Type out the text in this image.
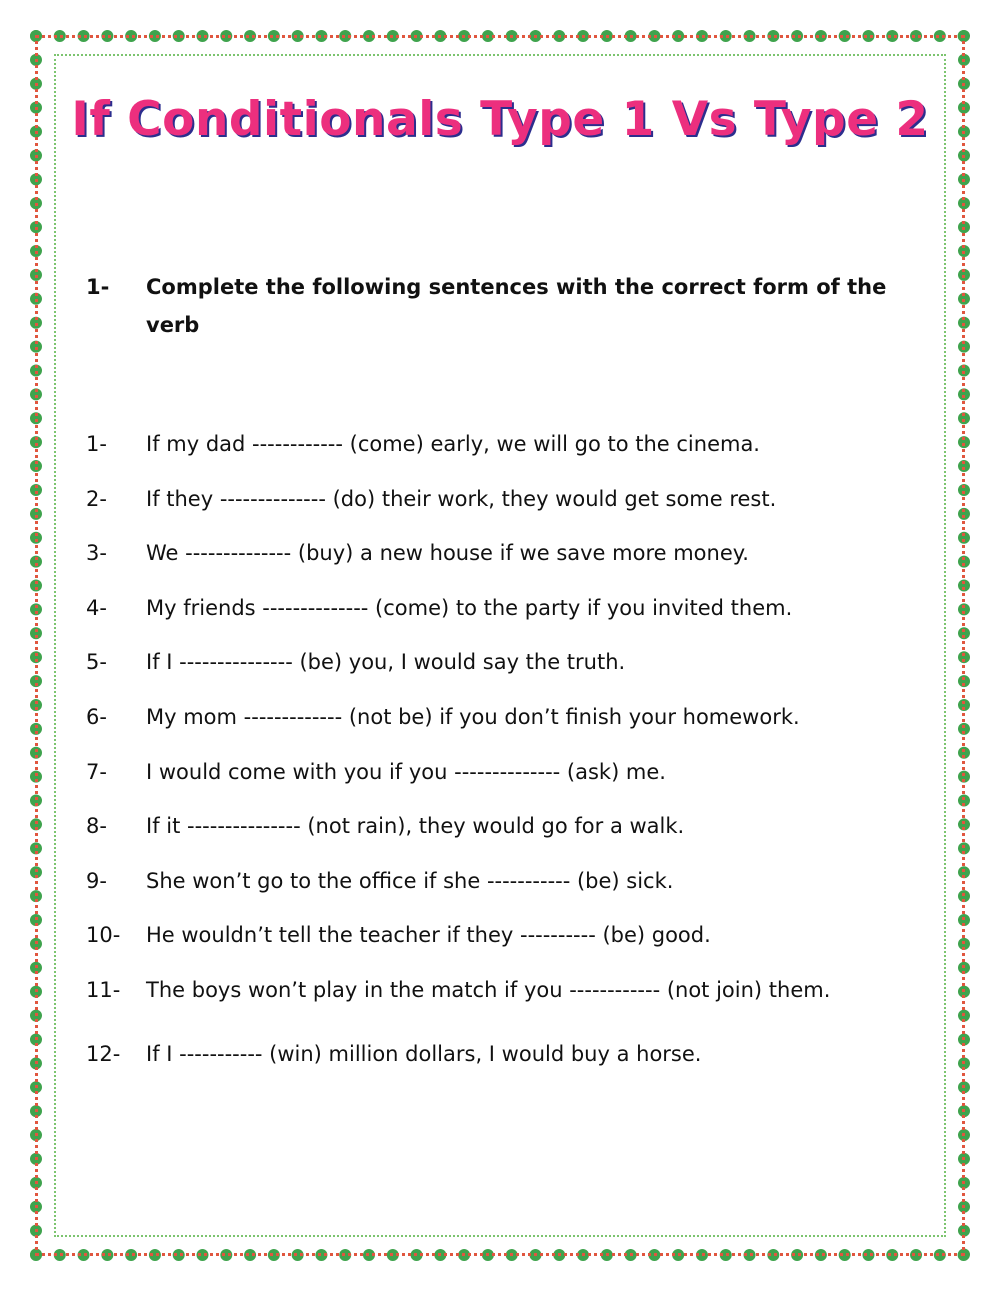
If Conditionals Type 1 Vs Type 2
1-	Complete the following sentences with the correct form of the verb
1-	If my dad ------------ (come) early, we will go to the cinema.
2-	If they -------------- (do) their work, they would get some rest.
3-	We -------------- (buy) a new house if we save more money.
4-	My friends -------------- (come) to the party if you invited them.
5-	If I --------------- (be) you, I would say the truth.
6-	My mom ------------- (not be) if you don’t finish your homework.
7-	I would come with you if you -------------- (ask) me.
8-	If it --------------- (not rain), they would go for a walk.
9-	She won’t go to the office if she ----------- (be) sick.
10-	He wouldn’t tell the teacher if they ---------- (be) good.
11-	The boys won’t play in the match if you ------------ (not join) them.
12-	If I ----------- (win) million dollars, I would buy a horse.
